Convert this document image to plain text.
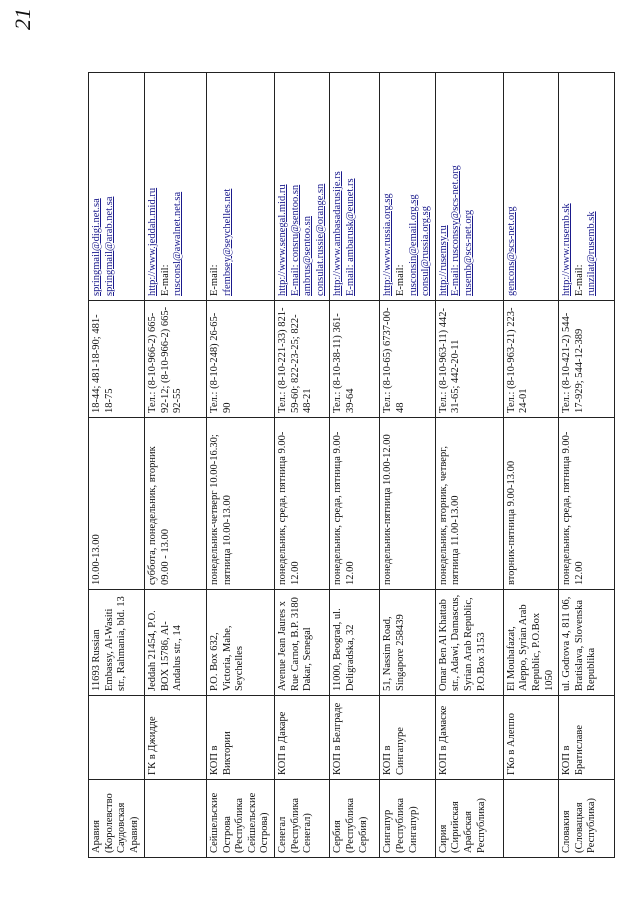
21
Аравия (Королевство Саудовская Аравия)		11693 Russian Embassy, Al-Wasiti str., Rahmania, bld. 13	10.00-13.00	18-44; 481-18-90; 481-18-75	springmail@digi.net.sa springmail@arab.net.sa

	ГК в Джидде	Jeddah 21454, P.O. BOX 15786, Al-Andalus str., 14	суббота, понедельник, вторник 09.00 - 13.00	Тел.: (8-10-966-2) 665-92-12; (8-10-966-2) 665-92-55	http://www.jeddah.mid.ru E-mail: rusconsl@awalnet.net.sa

Сейшельские Острова (Республика Сейшельские Острова)	КОП в Виктории	P.O. Box 632, Victoria, Mahe, Seychelles	понедельник-четверг 10.00-16.30; пятница 10.00-13.00	Тел.: (8-10-248) 26-65-90	E-mail: rfembsey@seychelles.net

Сенегал (Республика Сенегал)	КОП в Дакаре	Avenue Jean Jaures x Rue Carnot, B.P. 3180 Dakar, Senegal	понедельник, среда, пятница 9.00-12.00	Тел.: (8-10-221-33) 821-59-60; 822-23-25; 822-48-21	http://www.senegal.mid.ru E-mail: consru@sentoo.sn ambrus@sentoo.sn consulat.russie@orange.sn

Сербия (Республика Сербия)	КОП в Белграде	11000, Beograd, ul. Deligradska, 32	понедельник, среда, пятница 9.00-12.00	Тел.: (8-10-38-11) 361-39-64	http://www.ambasadarusije.rs E-mail: ambarusk@eunet.rs

Сингапур (Республика Сингапур)	КОП в Сингапуре	51, Nassim Road, Singapore 258439	понедельник-пятница 10.00-12.00	Тел.: (8-10-65) 6737-00-48	http://www.russia.org.sg E-mail: rusconsin@email.org.sg consul@russia.org.sg

Сирия (Сирийская Арабская Республика)	КОП в Дамаске	Omar Ben Al Khattab str., Adawi, Damascus, Syrian Arab Republic, P.O.Box 3153	понедельник, вторник, четверг, пятница 11.00-13.00	Тел.: (8-10-963-11) 442-31-65; 442-20-11	http://rusemsy.ru E-mail: rusconssy@scs-net.org rusemb@scs-net.org

	ГКо в Алеппо	El Mouhafazat, Aleppo, Syrian Arab Republic, P.O.Box 1050	вторник-пятница 9.00-13.00	Тел.: (8-10-963-21) 223-24-01	gencons@scs-net.org

Словакия (Словацкая Республика)	КОП в Братиславе	ul. Godrova 4, 811 06, Bratislava, Slovenska Republika	понедельник, среда, пятница 9.00-12.00	Тел.: (8-10-421-2) 544-17-929; 544-12-389	http://www.rusemb.sk E-mail: runzilat@rusemb.sk
